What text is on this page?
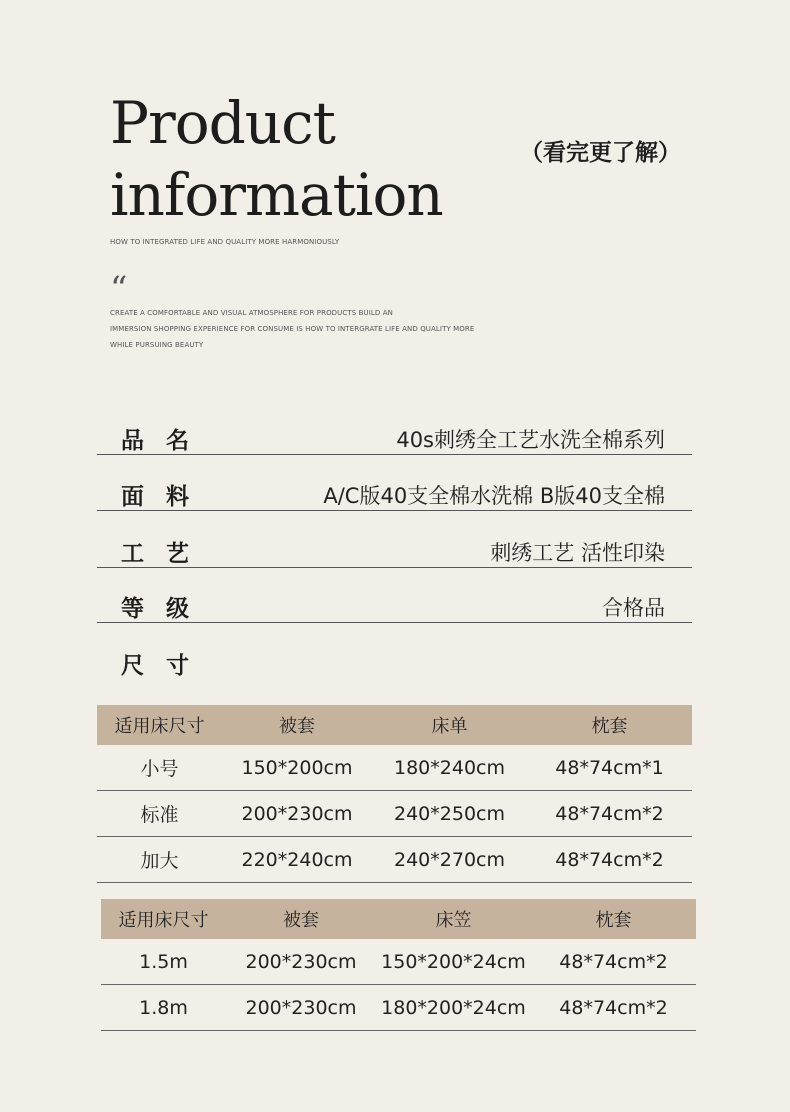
Product
information
（看完更了解）
HOW TO INTEGRATED LIFE AND QUALITY MORE HARMONIOUSLY
“
CREATE A COMFORTABLE AND VISUAL ATMOSPHERE FOR PRODUCTS BUILD AN
IMMERSION SHOPPING EXPERIENCE FOR CONSUME IS HOW TO INTERGRATE LIFE AND QUALITY MORE
WHILE PURSUING BEAUTY
品名	40s刺绣全工艺水洗全棉系列
面料	A/C版40支全棉水洗棉 B版40支全棉
工艺	刺绣工艺 活性印染
等级	合格品
尺寸
适用床尺寸	被套	床单	枕套
小号	150*200cm	180*240cm	48*74cm*1
标准	200*230cm	240*250cm	48*74cm*2
加大	220*240cm	240*270cm	48*74cm*2
适用床尺寸	被套	床笠	枕套
1.5m	200*230cm	150*200*24cm	48*74cm*2
1.8m	200*230cm	180*200*24cm	48*74cm*2
